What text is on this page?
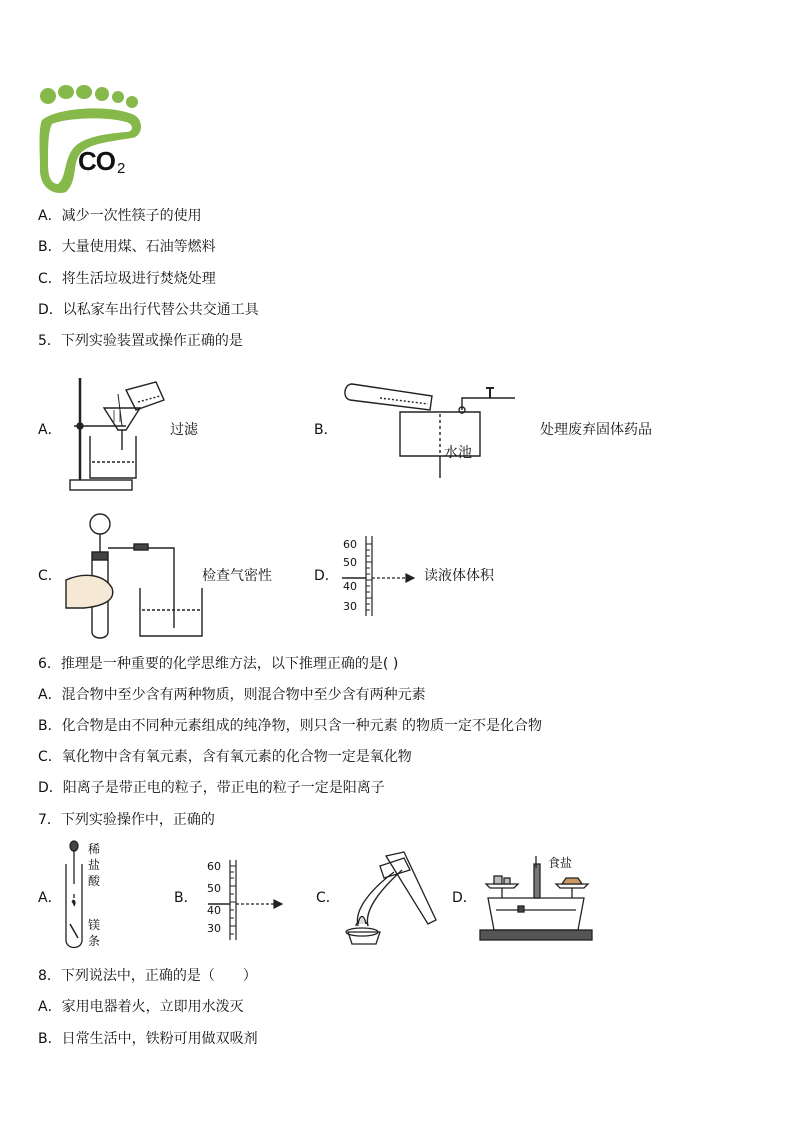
CO 2
A．减少一次性筷子的使用
B．大量使用煤、石油等燃料
C．将生活垃圾进行焚烧处理
D．以私家车出行代替公共交通工具
5．下列实验装置或操作正确的是
A．	过滤	B．
水池
处理废弃固体药品
C．	检查气密性	D．
60
50
40
30
读液体体积
6．推理是一种重要的化学思维方法，以下推理正确的是( )
A．混合物中至少含有两种物质，则混合物中至少含有两种元素
B．化合物是由不同种元素组成的纯净物，则只含一种元素 的物质一定不是化合物
C．氧化物中含有氧元素，含有氧元素的化合物一定是氧化物
D．阳离子是带正电的粒子，带正电的粒子一定是阳离子
7．下列实验操作中，正确的
A．
稀
盐
酸
镁
条
B．
60
50
40
30
C．	D．
食盐
8．下列说法中，正确的是（　　）
A．家用电器着火，立即用水泼灭
B．日常生活中，铁粉可用做双吸剂
